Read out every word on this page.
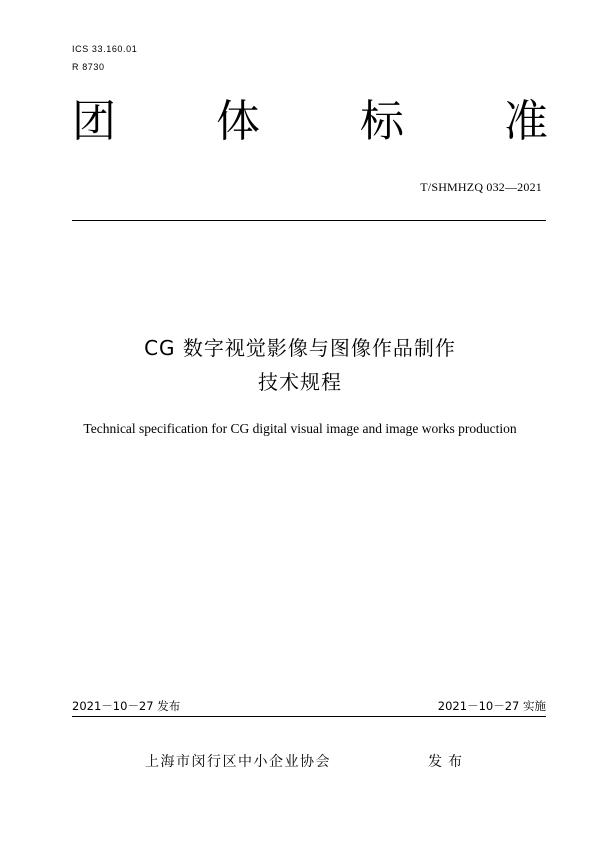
ICS 33.160.01
R 8730
团 体 标 准
T/SHMHZQ 032—2021
CG 数字视觉影像与图像作品制作
技术规程
Technical specification for CG digital visual image and image works production
2021－10－27 发布	2021－10－27 实施
上海市闵行区中小企业协会	发布
